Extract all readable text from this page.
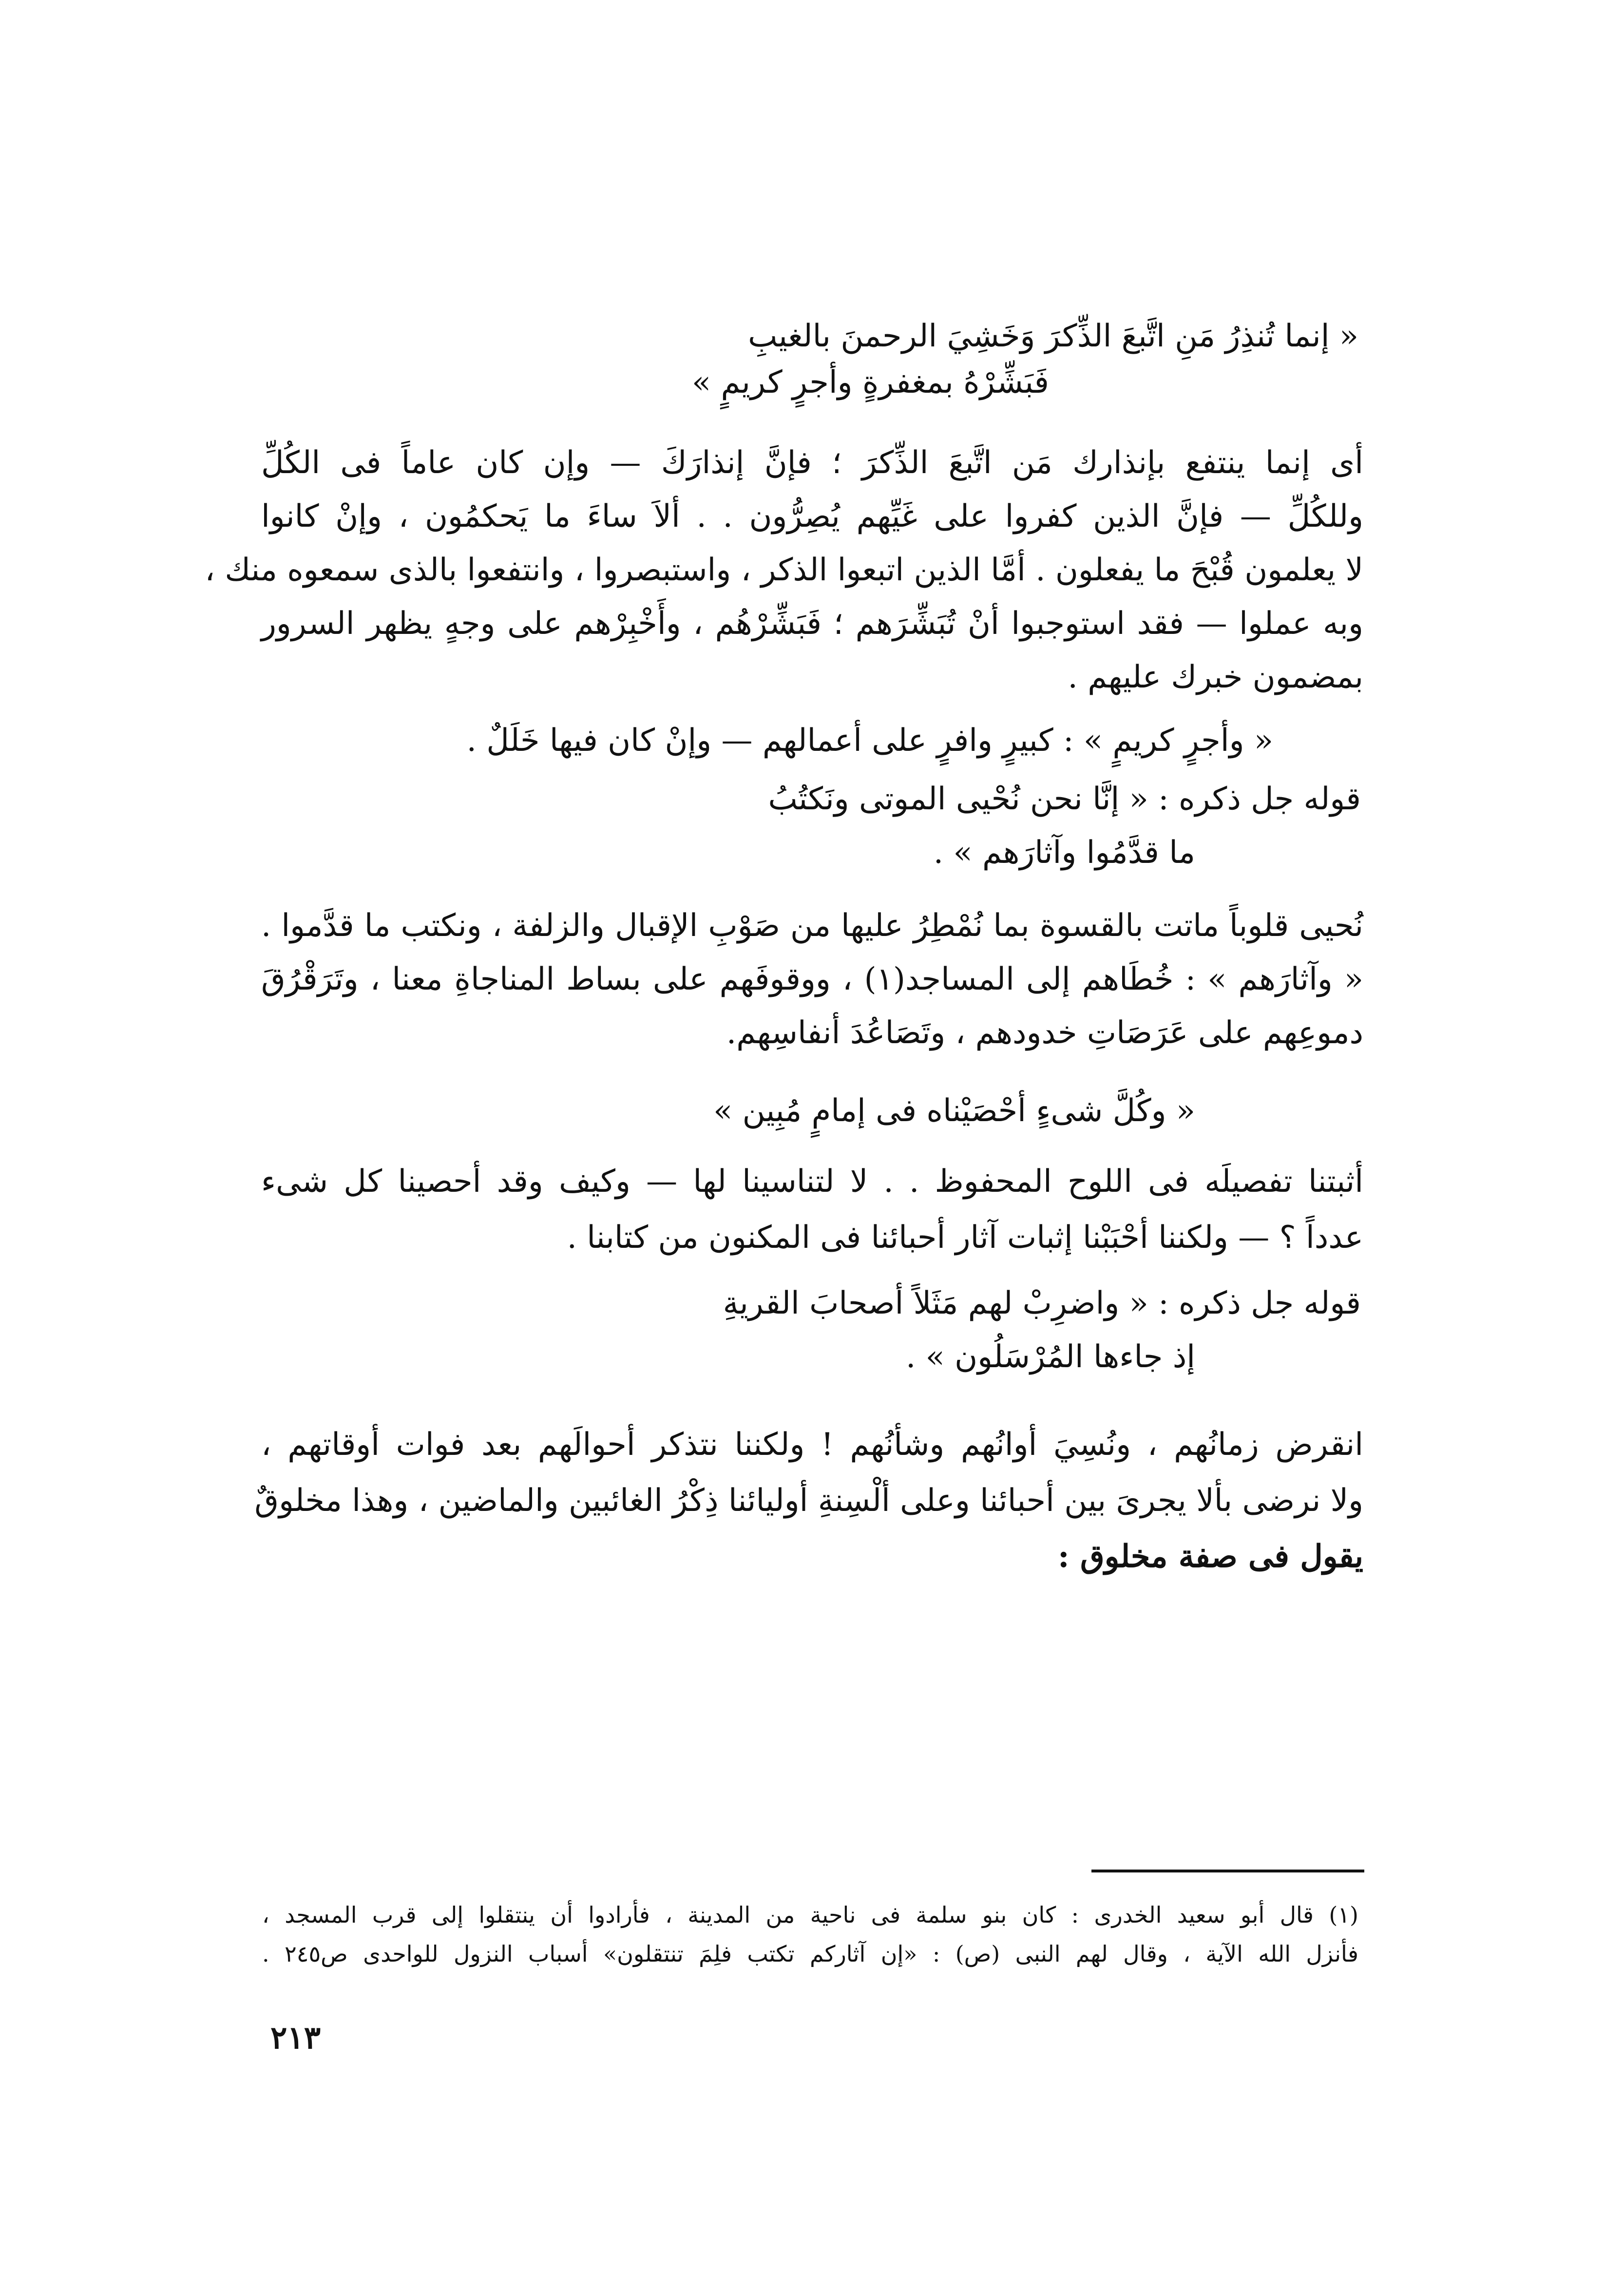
« إنما تُنذِرُ مَنِ اتَّبعَ الذِّكرَ وَخَشِيَ الرحمنَ بالغيبِ
فَبَشِّرْهُ بمغفرةٍ وأجرٍ كريمٍ »
أى إنما ينتفع بإنذارك مَن اتَّبعَ الذِّكرَ ؛ فإنَّ إنذارَكَ — وإن كان عاماً فى الكُلِّ
وللكُلِّ — فإنَّ الذين كفروا على غَيِّهم يُصِرُّون . . ألاَ ساءَ ما يَحكمُون ، وإنْ كانوا
لا يعلمون قُبْحَ ما يفعلون . أمَّا الذين اتبعوا الذكر ، واستبصروا ، وانتفعوا بالذى سمعوه منك ،
وبه عملوا — فقد استوجبوا أنْ تُبَشِّرَهم ؛ فَبَشِّرْهُم ، وأَخْبِرْهم على وجهٍ يظهر السرور
بمضمون خبرك عليهم .
« وأجرٍ كريمٍ » : كبيرٍ وافرٍ على أعمالهم — وإنْ كان فيها خَلَلٌ .
قوله جل ذكره : « إنَّا نحن نُحْيى الموتى ونَكتُبُ
ما قدَّمُوا وآثارَهم » .
نُحيى قلوباً ماتت بالقسوة بما نُمْطِرُ عليها من صَوْبِ الإقبال والزلفة ، ونكتب ما قدَّموا .
« وآثارَهم » : خُطَاهم إلى المساجد(١) ، ووقوفَهم على بساط المناجاةِ معنا ، وتَرَقْرُقَ
دموعِهم على عَرَصَاتِ خدودهم ، وتَصَاعُدَ أنفاسِهم.
« وكُلَّ شىءٍ أحْصَيْناه فى إمامٍ مُبِين »
أثبتنا تفصيلَه فى اللوح المحفوظ . . لا لتناسينا لها — وكيف وقد أحصينا كل شىء
عدداً ؟ — ولكننا أحْبَبْنا إثبات آثار أحبائنا فى المكنون من كتابنا .
قوله جل ذكره : « واضرِبْ لهم مَثَلاً أصحابَ القريةِ
إذ جاءها المُرْسَلُون » .
انقرض زمانُهم ، ونُسِيَ أوانُهم وشأنُهم ! ولكننا نتذكر أحوالَهم بعد فوات أوقاتهم ،
ولا نرضى بألا يجرىَ بين أحبائنا وعلى ألْسِنةِ أوليائنا ذِكْرُ الغائبين والماضين ، وهذا مخلوقٌ
يقول فى صفة مخلوق :
(١) قال أبو سعيد الخدرى : كان بنو سلمة فى ناحية من المدينة ، فأرادوا أن ينتقلوا إلى قرب المسجد ،
فأنزل الله الآية ، وقال لهم النبى (ص) : «إن آثاركم تكتب فلِمَ تنتقلون» أسباب النزول للواحدى ص٢٤٥ .
٢١٣
